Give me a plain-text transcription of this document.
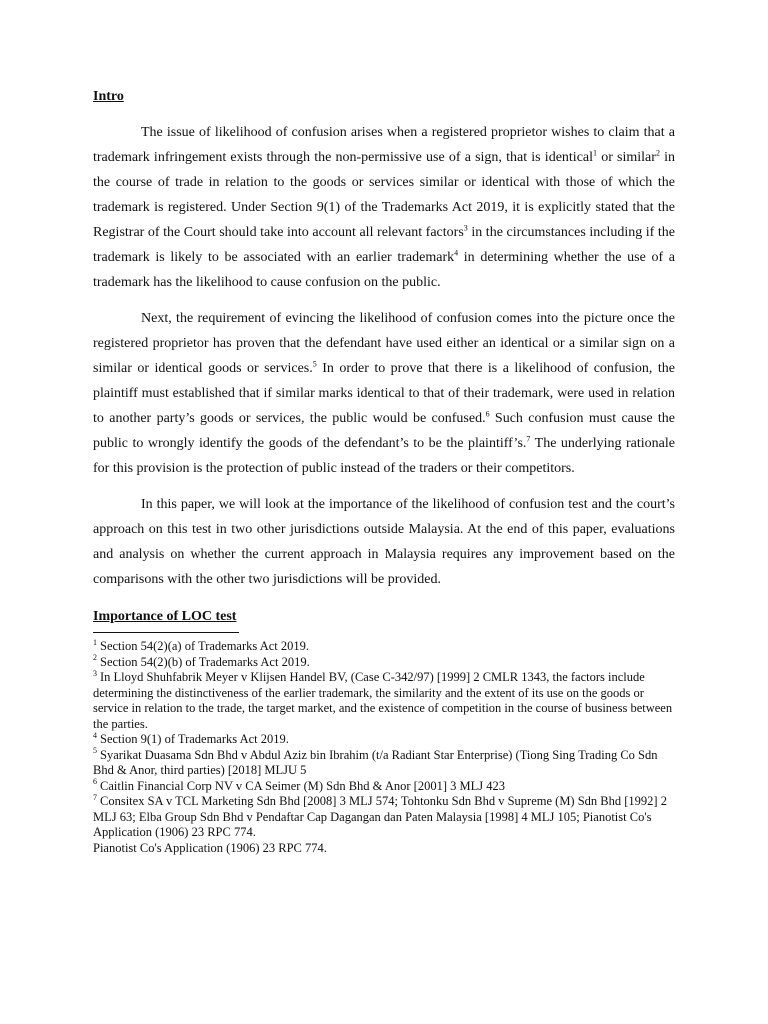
Intro

The issue of likelihood of confusion arises when a registered proprietor wishes to claim that a trademark infringement exists through the non-permissive use of a sign, that is identical$^1$ or similar$^2$ in the course of trade in relation to the goods or services similar or identical with those of which the trademark is registered. Under Section 9(1) of the Trademarks Act 2019, it is explicitly stated that the Registrar of the Court should take into account all relevant factors$^3$ in the circumstances including if the trademark is likely to be associated with an earlier trademark$^4$ in determining whether the use of a trademark has the likelihood to cause confusion on the public.

Next, the requirement of evincing the likelihood of confusion comes into the picture once the registered proprietor has proven that the defendant have used either an identical or a similar sign on a similar or identical goods or services.$^5$ In order to prove that there is a likelihood of confusion, the plaintiff must established that if similar marks identical to that of their trademark, were used in relation to another party’s goods or services, the public would be confused.$^6$ Such confusion must cause the public to wrongly identify the goods of the defendant’s to be the plaintiff’s.$^7$ The underlying rationale for this provision is the protection of public instead of the traders or their competitors.

In this paper, we will look at the importance of the likelihood of confusion test and the court’s approach on this test in two other jurisdictions outside Malaysia. At the end of this paper, evaluations and analysis on whether the current approach in Malaysia requires any improvement based on the comparisons with the other two jurisdictions will be provided.

Importance of LOC test

$^1$ Section 54(2)(a) of Trademarks Act 2019.

$^2$ Section 54(2)(b) of Trademarks Act 2019.

$^3$ In Lloyd Shuhfabrik Meyer v Klijsen Handel BV, (Case C-342/97) [1999] 2 CMLR 1343, the factors include determining the distinctiveness of the earlier trademark, the similarity and the extent of its use on the goods or service in relation to the trade, the target market, and the existence of competition in the course of business between the parties.

$^4$ Section 9(1) of Trademarks Act 2019.

$^5$ Syarikat Duasama Sdn Bhd v Abdul Aziz bin Ibrahim (t/a Radiant Star Enterprise) (Tiong Sing Trading Co Sdn Bhd & Anor, third parties) [2018] MLJU 5

$^6$ Caitlin Financial Corp NV v CA Seimer (M) Sdn Bhd & Anor [2001] 3 MLJ 423

$^7$ Consitex SA v TCL Marketing Sdn Bhd [2008] 3 MLJ 574; Tohtonku Sdn Bhd v Supreme (M) Sdn Bhd [1992] 2 MLJ 63; Elba Group Sdn Bhd v Pendaftar Cap Dagangan dan Paten Malaysia [1998] 4 MLJ 105; Pianotist Co's Application (1906) 23 RPC 774.

Pianotist Co's Application (1906) 23 RPC 774.
